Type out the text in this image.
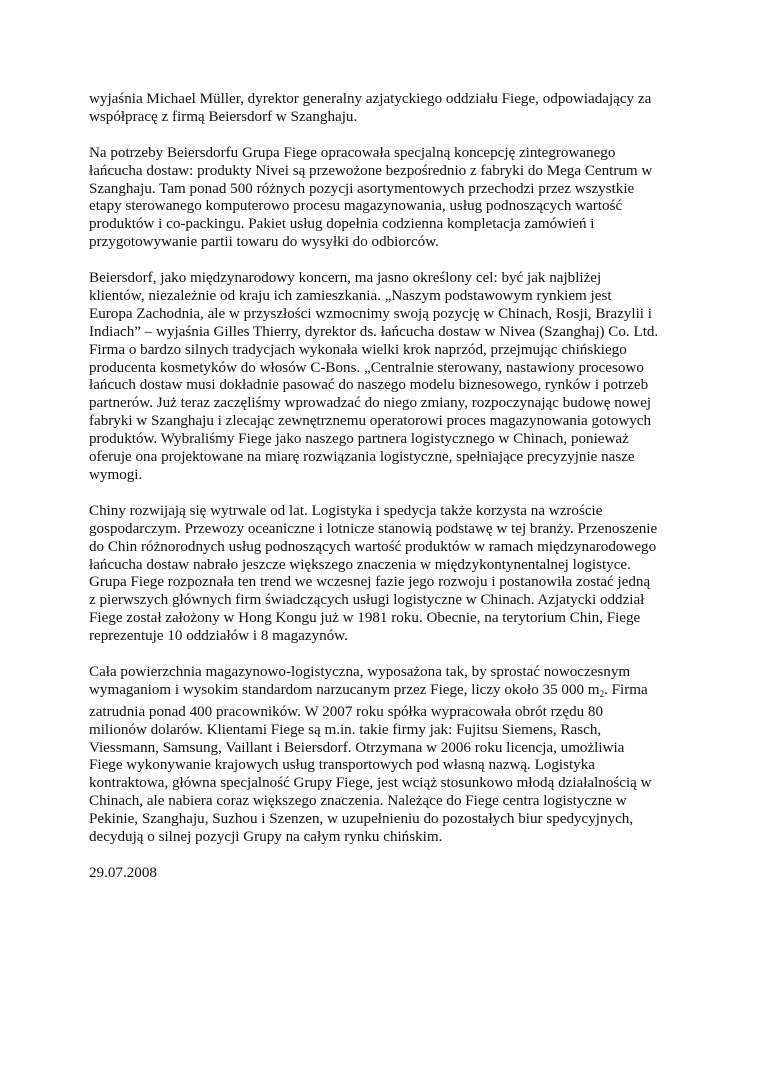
wyjaśnia Michael Müller, dyrektor generalny azjatyckiego oddziału Fiege, odpowiadający za
współpracę z firmą Beiersdorf w Szanghaju.
Na potrzeby Beiersdorfu Grupa Fiege opracowała specjalną koncepcję zintegrowanego
łańcucha dostaw: produkty Nivei są przewożone bezpośrednio z fabryki do Mega Centrum w
Szanghaju. Tam ponad 500 różnych pozycji asortymentowych przechodzi przez wszystkie
etapy sterowanego komputerowo procesu magazynowania, usług podnoszących wartość
produktów i co-packingu. Pakiet usług dopełnia codzienna kompletacja zamówień i
przygotowywanie partii towaru do wysyłki do odbiorców.
Beiersdorf, jako międzynarodowy koncern, ma jasno określony cel: być jak najbliżej
klientów, niezależnie od kraju ich zamieszkania. „Naszym podstawowym rynkiem jest
Europa Zachodnia, ale w przyszłości wzmocnimy swoją pozycję w Chinach, Rosji, Brazylii i
Indiach” – wyjaśnia Gilles Thierry, dyrektor ds. łańcucha dostaw w Nivea (Szanghaj) Co. Ltd.
Firma o bardzo silnych tradycjach wykonała wielki krok naprzód, przejmując chińskiego
producenta kosmetyków do włosów C-Bons. „Centralnie sterowany, nastawiony procesowo
łańcuch dostaw musi dokładnie pasować do naszego modelu biznesowego, rynków i potrzeb
partnerów. Już teraz zaczęliśmy wprowadzać do niego zmiany, rozpoczynając budowę nowej
fabryki w Szanghaju i zlecając zewnętrznemu operatorowi proces magazynowania gotowych
produktów. Wybraliśmy Fiege jako naszego partnera logistycznego w Chinach, ponieważ
oferuje ona projektowane na miarę rozwiązania logistyczne, spełniające precyzyjnie nasze
wymogi.
Chiny rozwijają się wytrwale od lat. Logistyka i spedycja także korzysta na wzroście
gospodarczym. Przewozy oceaniczne i lotnicze stanowią podstawę w tej branży. Przenoszenie
do Chin różnorodnych usług podnoszących wartość produktów w ramach międzynarodowego
łańcucha dostaw nabrało jeszcze większego znaczenia w międzykontynentalnej logistyce.
Grupa Fiege rozpoznała ten trend we wczesnej fazie jego rozwoju i postanowiła zostać jedną
z pierwszych głównych firm świadczących usługi logistyczne w Chinach. Azjatycki oddział
Fiege został założony w Hong Kongu już w 1981 roku. Obecnie, na terytorium Chin, Fiege
reprezentuje 10 oddziałów i 8 magazynów.
Cała powierzchnia magazynowo-logistyczna, wyposażona tak, by sprostać nowoczesnym
wymaganiom i wysokim standardom narzucanym przez Fiege, liczy około 35 000 $m_2$. Firma
zatrudnia ponad 400 pracowników. W 2007 roku spółka wypracowała obrót rzędu 80
milionów dolarów. Klientami Fiege są m.in. takie firmy jak: Fujitsu Siemens, Rasch,
Viessmann, Samsung, Vaillant i Beiersdorf. Otrzymana w 2006 roku licencja, umożliwia
Fiege wykonywanie krajowych usług transportowych pod własną nazwą. Logistyka
kontraktowa, główna specjalność Grupy Fiege, jest wciąż stosunkowo młodą działalnością w
Chinach, ale nabiera coraz większego znaczenia. Należące do Fiege centra logistyczne w
Pekinie, Szanghaju, Suzhou i Szenzen, w uzupełnieniu do pozostałych biur spedycyjnych,
decydują o silnej pozycji Grupy na całym rynku chińskim.
29.07.2008
